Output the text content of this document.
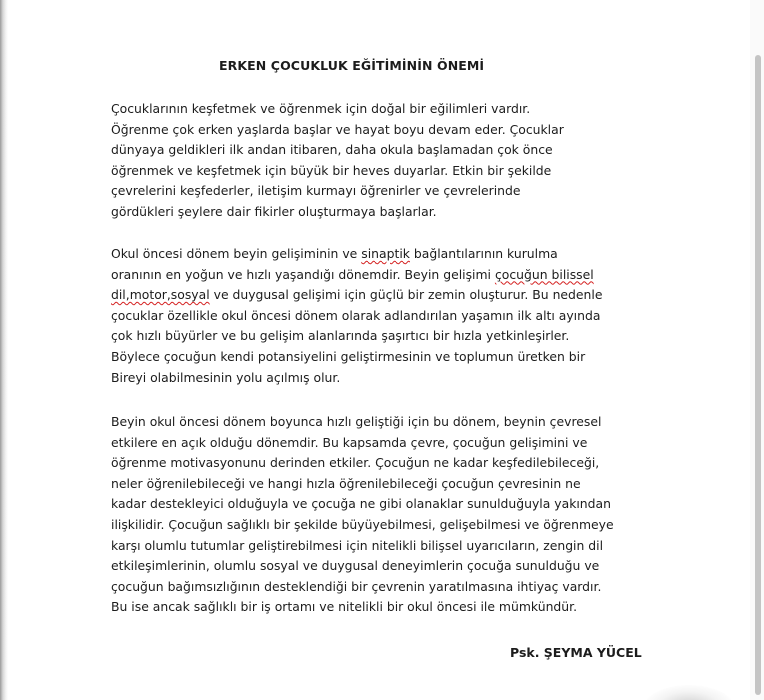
ERKEN ÇOCUKLUK EĞİTİMİNİN ÖNEMİ

Çocuklarının keşfetmek ve öğrenmek için doğal bir eğilimleri vardır.
Öğrenme çok erken yaşlarda başlar ve hayat boyu devam eder. Çocuklar
dünyaya geldikleri ilk andan itibaren, daha okula başlamadan çok önce
öğrenmek ve keşfetmek için büyük bir heves duyarlar. Etkin bir şekilde
çevrelerini keşfederler, iletişim kurmayı öğrenirler ve çevrelerinde
gördükleri şeylere dair fikirler oluşturmaya başlarlar.

Okul öncesi dönem beyin gelişiminin ve sinaptik bağlantılarının kurulma
oranının en yoğun ve hızlı yaşandığı dönemdir. Beyin gelişimi çocuğun bilissel
dil,motor,sosyal ve duygusal gelişimi için güçlü bir zemin oluşturur. Bu nedenle
çocuklar özellikle okul öncesi dönem olarak adlandırılan yaşamın ilk altı ayında
çok hızlı büyürler ve bu gelişim alanlarında şaşırtıcı bir hızla yetkinleşirler.
Böylece çocuğun kendi potansiyelini geliştirmesinin ve toplumun üretken bir
Bireyi olabilmesinin yolu açılmış olur.

Beyin okul öncesi dönem boyunca hızlı geliştiği için bu dönem, beynin çevresel
etkilere en açık olduğu dönemdir. Bu kapsamda çevre, çocuğun gelişimini ve
öğrenme motivasyonunu derinden etkiler. Çocuğun ne kadar keşfedilebileceği,
neler öğrenilebileceği ve hangi hızla öğrenilebileceği çocuğun çevresinin ne
kadar destekleyici olduğuyla ve çocuğa ne gibi olanaklar sunulduğuyla yakından
ilişkilidir. Çocuğun sağlıklı bir şekilde büyüyebilmesi, gelişebilmesi ve öğrenmeye
karşı olumlu tutumlar geliştirebilmesi için nitelikli bilişsel uyarıcıların, zengin dil
etkileşimlerinin, olumlu sosyal ve duygusal deneyimlerin çocuğa sunulduğu ve
çocuğun bağımsızlığının desteklendiği bir çevrenin yaratılmasına ihtiyaç vardır.
Bu ise ancak sağlıklı bir iş ortamı ve nitelikli bir okul öncesi ile mümkündür.

Psk. ŞEYMA YÜCEL
